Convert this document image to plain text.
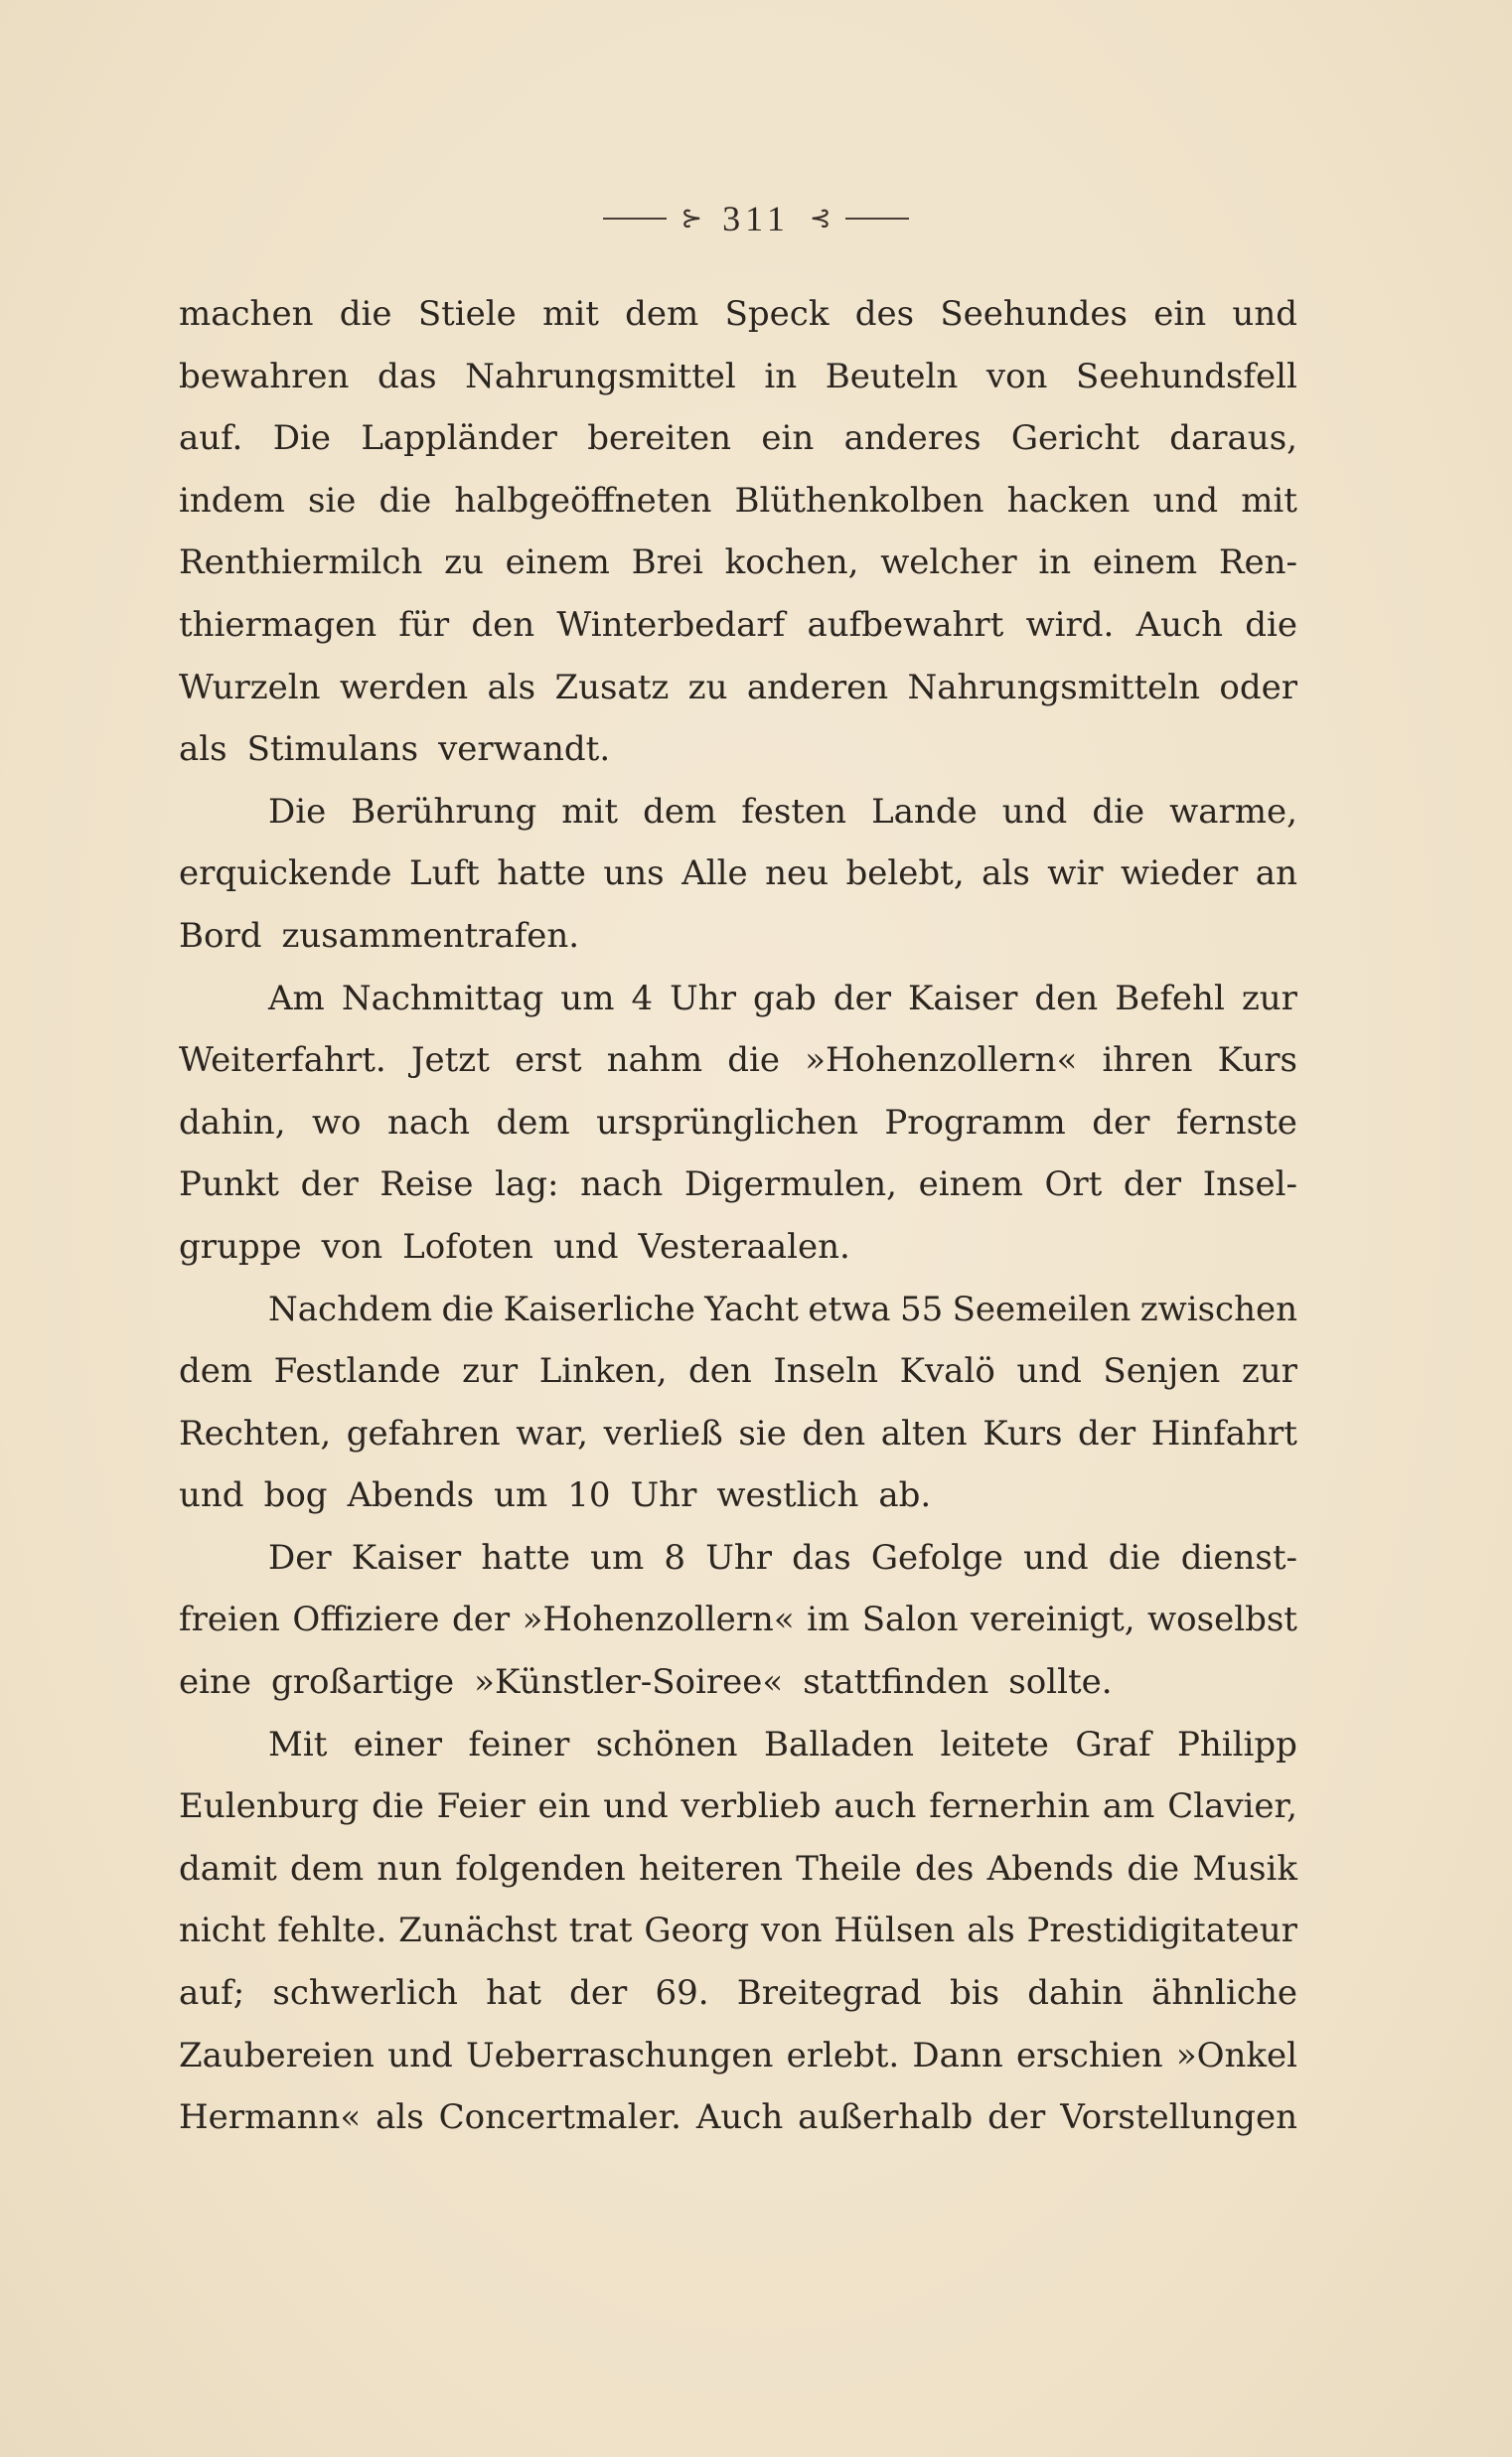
⊱ 311 ⊰
machen die Stiele mit dem Speck des Seehundes ein und
bewahren das Nahrungsmittel in Beuteln von Seehundsfell
auf. Die Lappländer bereiten ein anderes Gericht daraus,
indem sie die halbgeöffneten Blüthenkolben hacken und mit
Renthiermilch zu einem Brei kochen, welcher in einem Ren-
thiermagen für den Winterbedarf aufbewahrt wird. Auch die
Wurzeln werden als Zusatz zu anderen Nahrungsmitteln oder
als Stimulans verwandt.
Die Berührung mit dem festen Lande und die warme,
erquickende Luft hatte uns Alle neu belebt, als wir wieder an
Bord zusammentrafen.
Am Nachmittag um 4 Uhr gab der Kaiser den Befehl zur
Weiterfahrt. Jetzt erst nahm die »Hohenzollern« ihren Kurs
dahin, wo nach dem ursprünglichen Programm der fernste
Punkt der Reise lag: nach Digermulen, einem Ort der Insel-
gruppe von Lofoten und Vesteraalen.
Nachdem die Kaiserliche Yacht etwa 55 Seemeilen zwischen
dem Festlande zur Linken, den Inseln Kvalö und Senjen zur
Rechten, gefahren war, verließ sie den alten Kurs der Hinfahrt
und bog Abends um 10 Uhr westlich ab.
Der Kaiser hatte um 8 Uhr das Gefolge und die dienst-
freien Offiziere der »Hohenzollern« im Salon vereinigt, woselbst
eine großartige »Künstler-Soiree« stattfinden sollte.
Mit einer feiner schönen Balladen leitete Graf Philipp
Eulenburg die Feier ein und verblieb auch fernerhin am Clavier,
damit dem nun folgenden heiteren Theile des Abends die Musik
nicht fehlte. Zunächst trat Georg von Hülsen als Prestidigitateur
auf; schwerlich hat der 69. Breitegrad bis dahin ähnliche
Zaubereien und Ueberraschungen erlebt. Dann erschien »Onkel
Hermann« als Concertmaler. Auch außerhalb der Vorstellungen
